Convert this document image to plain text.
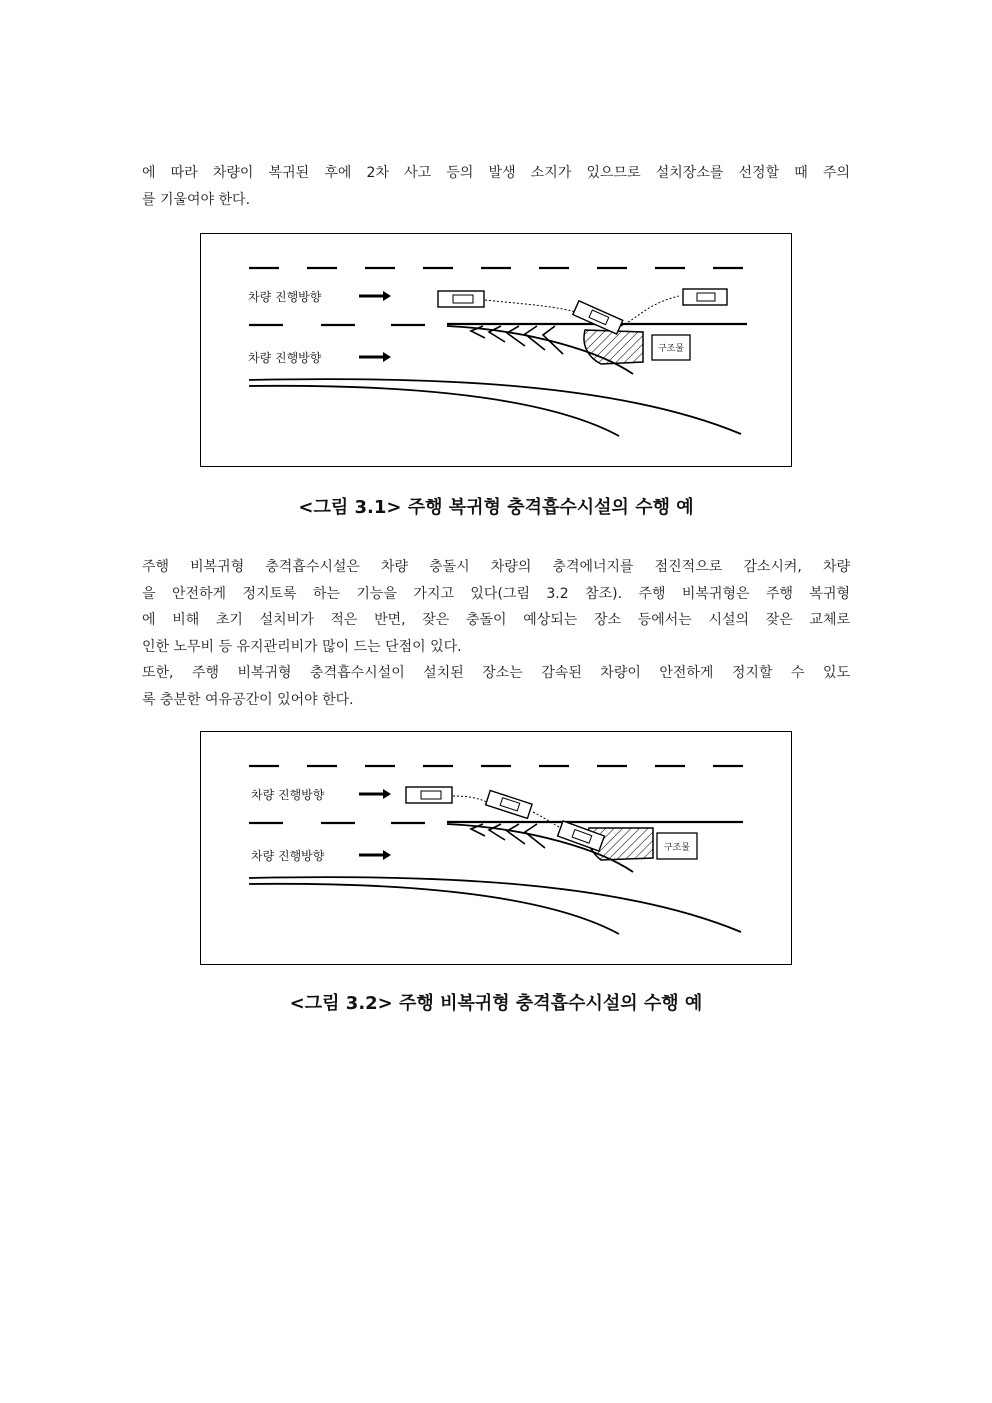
에 따라 차량이 복귀된 후에 2차 사고 등의 발생 소지가 있으므로 설치장소를 선정할 때 주의
를 기울여야 한다.
차량 진행방향
차량 진행방향
구조물
<그림 3.1> 주행 복귀형 충격흡수시설의 수행 예
주행 비복귀형 충격흡수시설은 차량 충돌시 차량의 충격에너지를 점진적으로 감소시켜, 차량
을 안전하게 정지토록 하는 기능을 가지고 있다(그림 3.2 참조). 주행 비복귀형은 주행 복귀형
에 비해 초기 설치비가 적은 반면, 잦은 충돌이 예상되는 장소 등에서는 시설의 잦은 교체로
인한 노무비 등 유지관리비가 많이 드는 단점이 있다.
또한, 주행 비복귀형 충격흡수시설이 설치된 장소는 감속된 차량이 안전하게 정지할 수 있도
록 충분한 여유공간이 있어야 한다.
차량 진행방향
차량 진행방향
구조물
<그림 3.2> 주행 비복귀형 충격흡수시설의 수행 예
